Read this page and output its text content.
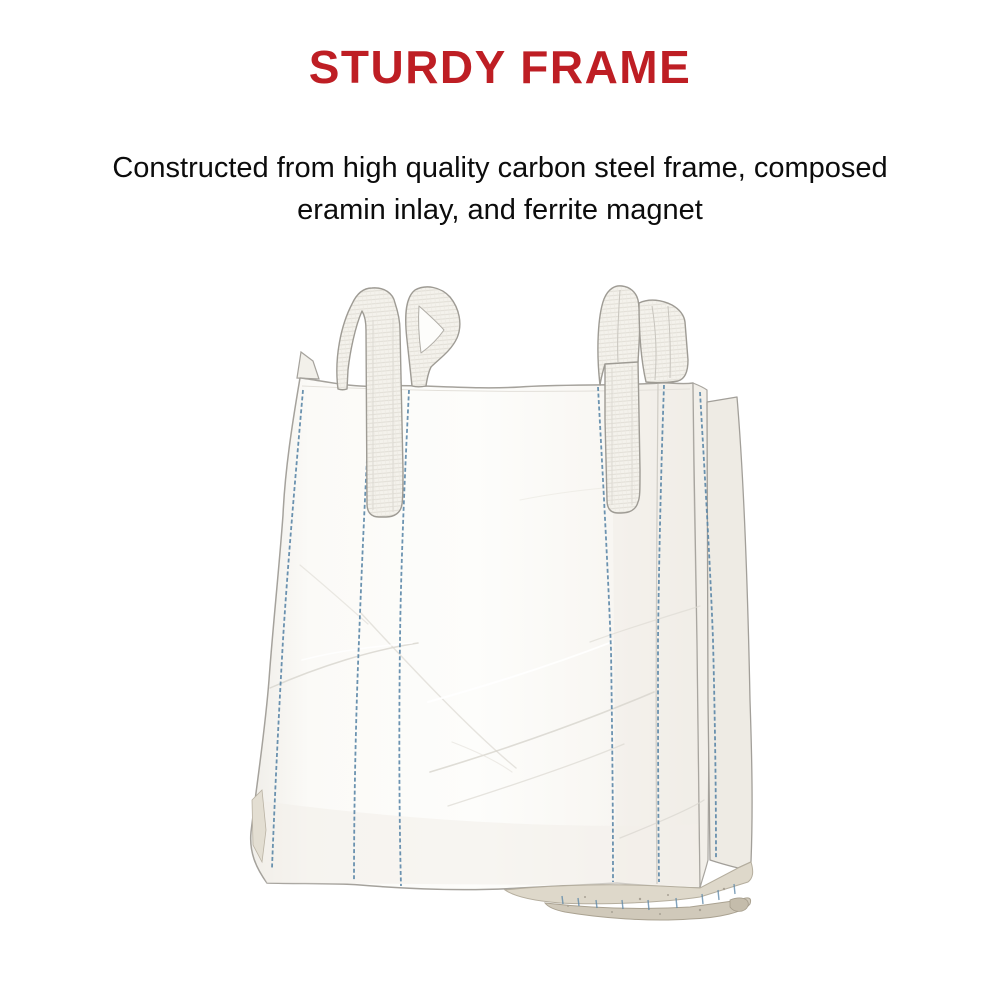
STURDY FRAME

Constructed from high quality carbon steel frame, composed
eramin inlay, and ferrite magnet
